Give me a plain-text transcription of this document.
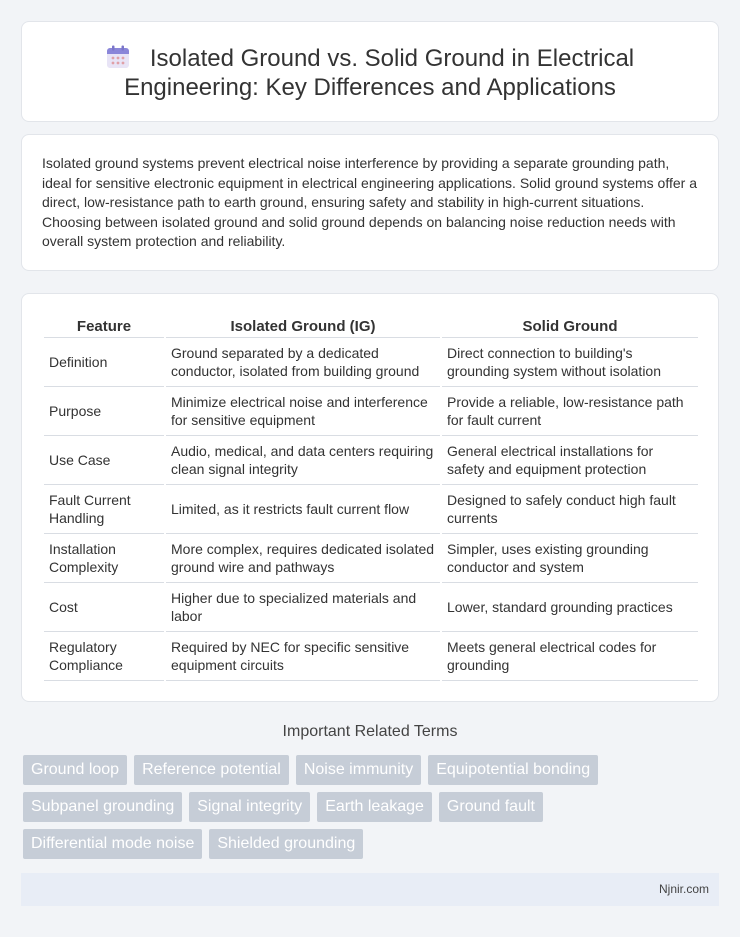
Isolated Ground vs. Solid Ground in Electrical Engineering: Key Differences and Applications

Isolated ground systems prevent electrical noise interference by providing a separate grounding path, ideal for sensitive electronic equipment in electrical engineering applications. Solid ground systems offer a direct, low-resistance path to earth ground, ensuring safety and stability in high-current situations. Choosing between isolated ground and solid ground depends on balancing noise reduction needs with overall system protection and reliability.

Feature	Isolated Ground (IG)	Solid Ground
Definition	Ground separated by a dedicated conductor, isolated from building ground	Direct connection to building's grounding system without isolation
Purpose	Minimize electrical noise and interference for sensitive equipment	Provide a reliable, low-resistance path for fault current
Use Case	Audio, medical, and data centers requiring clean signal integrity	General electrical installations for safety and equipment protection
Fault Current Handling	Limited, as it restricts fault current flow	Designed to safely conduct high fault currents
Installation Complexity	More complex, requires dedicated isolated ground wire and pathways	Simpler, uses existing grounding conductor and system
Cost	Higher due to specialized materials and labor	Lower, standard grounding practices
Regulatory Compliance	Required by NEC for specific sensitive equipment circuits	Meets general electrical codes for grounding
Important Related Terms
Ground loop	Reference potential	Noise immunity	Equipotential bonding
Subpanel grounding	Signal integrity	Earth leakage	Ground fault
Differential mode noise	Shielded grounding
Njnir.com
